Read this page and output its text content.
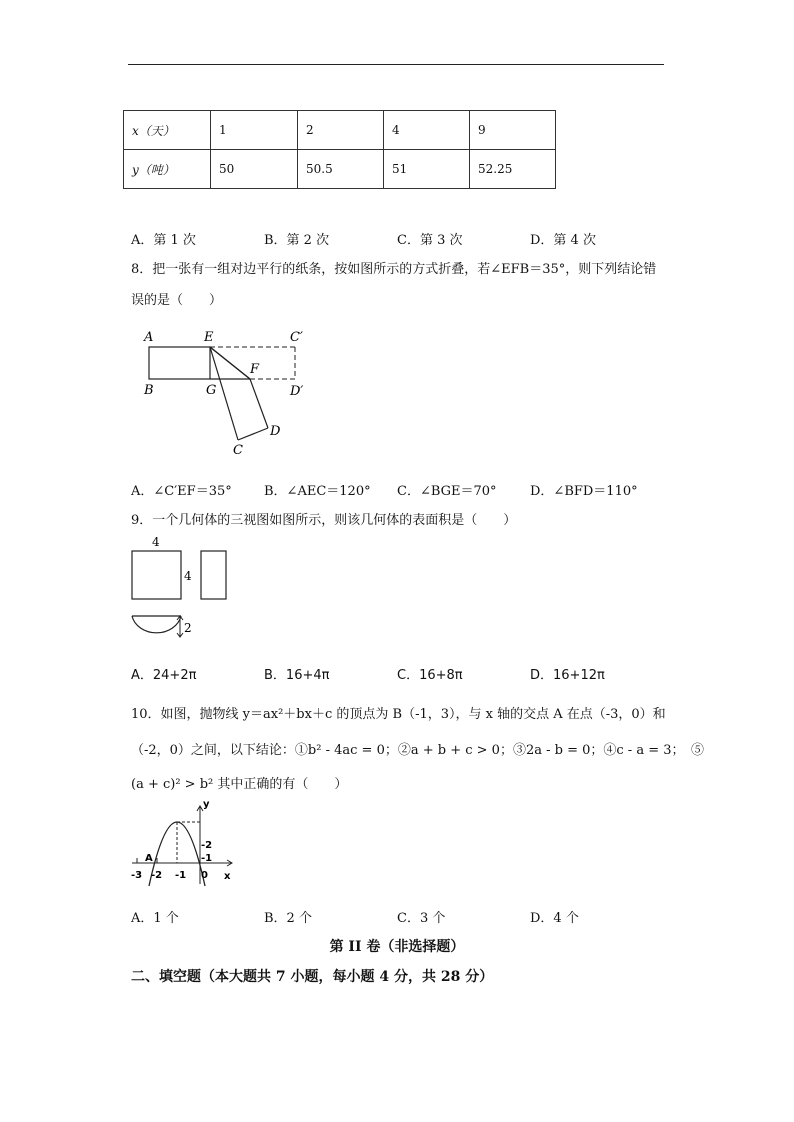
x（天）	1	2	4	9
y（吨）	50	50.5	51	52.25
A．第 1 次	B．第 2 次	C．第 3 次	D．第 4 次
8．把一张有一组对边平行的纸条，按如图所示的方式折叠，若∠EFB＝35°，则下列结论错
误的是（　　）
A	E	C′
B	G
F
D′
C
D
A．∠C′EF＝35° B．∠AEC＝120° C．∠BGE＝70°	D．∠BFD＝110°
9．一个几何体的三视图如图所示，则该几何体的表面积是（　　）
4
4
2
A．24+2π	B．16+4π	C．16+8π	D．16+12π
10．如图，抛物线 y＝ax²＋bx＋c 的顶点为 B（-1，3），与 x 轴的交点 A 在点（-3，0）和
（-2，0）之间，以下结论：①b² - 4ac = 0；②a + b + c > 0；③2a - b = 0；④c - a = 3；　⑤
(a + c)² > b² 其中正确的有（　　）
y
x
A
-3 -2 -1 0
-2
-1
A．1 个	B．2 个	C．3 个	D．4 个
第 II 卷（非选择题）
二、填空题（本大题共 7 小题，每小题 4 分，共 28 分）
